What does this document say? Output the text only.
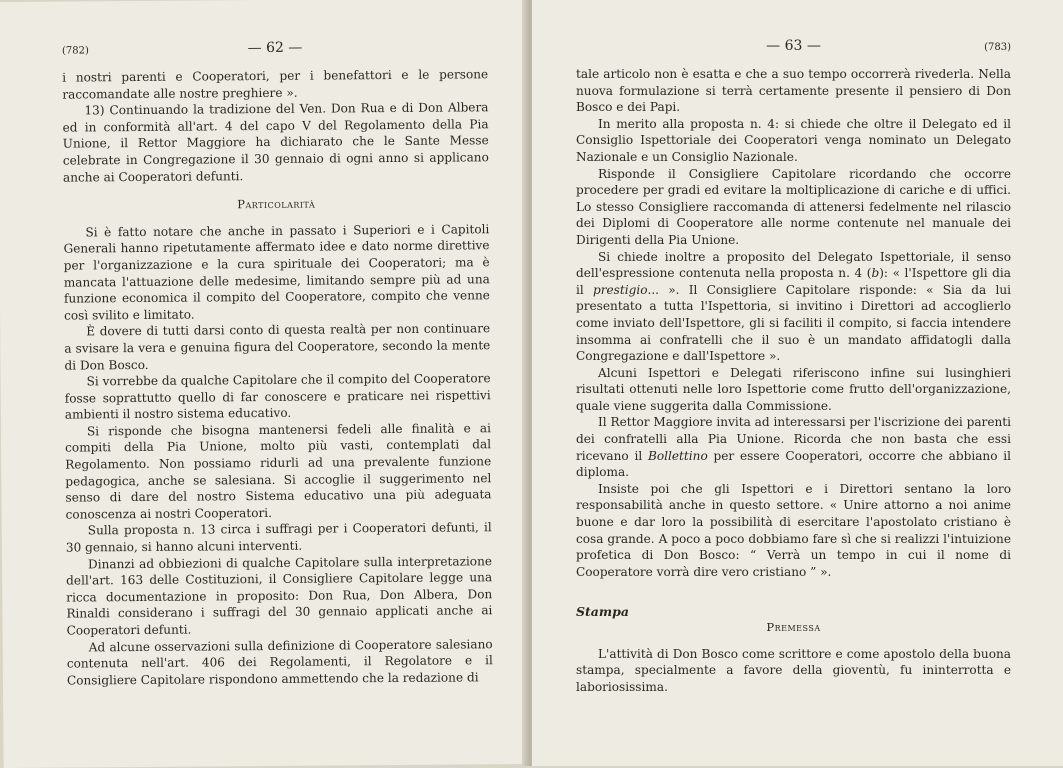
(782)	— 62 —

i nostri parenti e Cooperatori, per i benefattori e le persone raccomandate alle nostre preghiere ».

13) Continuando la tradizione del Ven. Don Rua e di Don Albera ed in conformità all'art. 4 del capo V del Regolamento della Pia Unione, il Rettor Maggiore ha dichiarato che le Sante Messe celebrate in Congregazione il 30 gennaio di ogni anno si applicano anche ai Cooperatori defunti.

Particolarità

Si è fatto notare che anche in passato i Superiori e i Capitoli Generali hanno ripetutamente affermato idee e dato norme direttive per l'organizzazione e la cura spirituale dei Cooperatori; ma è mancata l'attuazione delle medesime, limitando sempre più ad una funzione economica il compito del Cooperatore, compito che venne così svilito e limitato.

È dovere di tutti darsi conto di questa realtà per non continuare a svisare la vera e genuina figura del Cooperatore, secondo la mente di Don Bosco.

Si vorrebbe da qualche Capitolare che il compito del Cooperatore fosse soprattutto quello di far conoscere e praticare nei rispettivi ambienti il nostro sistema educativo.

Si risponde che bisogna mantenersi fedeli alle finalità e ai compiti della Pia Unione, molto più vasti, contemplati dal Regolamento. Non possiamo ridurli ad una prevalente funzione pedagogica, anche se salesiana. Si accoglie il suggerimento nel senso di dare del nostro Sistema educativo una più adeguata conoscenza ai nostri Cooperatori.

Sulla proposta n. 13 circa i suffragi per i Cooperatori defunti, il 30 gennaio, si hanno alcuni interventi.

Dinanzi ad obbiezioni di qualche Capitolare sulla interpretazione dell'art. 163 delle Costituzioni, il Consigliere Capitolare legge una ricca documentazione in proposito: Don Rua, Don Albera, Don Rinaldi considerano i suffragi del 30 gennaio applicati anche ai Cooperatori defunti.

Ad alcune osservazioni sulla definizione di Cooperatore salesiano contenuta nell'art. 406 dei Regolamenti, il Regolatore e il Consigliere Capitolare rispondono ammettendo che la redazione di

— 63 —	(783)

tale articolo non è esatta e che a suo tempo occorrerà rivederla. Nella nuova formulazione si terrà certamente presente il pensiero di Don Bosco e dei Papi.

In merito alla proposta n. 4: si chiede che oltre il Delegato ed il Consiglio Ispettoriale dei Cooperatori venga nominato un Delegato Nazionale e un Consiglio Nazionale.

Risponde il Consigliere Capitolare ricordando che occorre procedere per gradi ed evitare la moltiplicazione di cariche e di uffici. Lo stesso Consigliere raccomanda di attenersi fedelmente nel rilascio dei Diplomi di Cooperatore alle norme contenute nel manuale dei Dirigenti della Pia Unione.

Si chiede inoltre a proposito del Delegato Ispettoriale, il senso dell'espressione contenuta nella proposta n. 4 (b): « l'Ispettore gli dia il prestigio... ». Il Consigliere Capitolare risponde: « Sia da lui presentato a tutta l'Ispettoria, si invitino i Direttori ad accoglierlo come inviato dell'Ispettore, gli si faciliti il compito, si faccia intendere insomma ai confratelli che il suo è un mandato affidatogli dalla Congregazione e dall'Ispettore ».

Alcuni Ispettori e Delegati riferiscono infine sui lusinghieri risultati ottenuti nelle loro Ispettorie come frutto dell'organizzazione, quale viene suggerita dalla Commissione.

Il Rettor Maggiore invita ad interessarsi per l'iscrizione dei parenti dei confratelli alla Pia Unione. Ricorda che non basta che essi ricevano il Bollettino per essere Cooperatori, occorre che abbiano il diploma.

Insiste poi che gli Ispettori e i Direttori sentano la loro responsabilità anche in questo settore. « Unire attorno a noi anime buone e dar loro la possibilità di esercitare l'apostolato cristiano è cosa grande. A poco a poco dobbiamo fare sì che si realizzi l'intuizione profetica di Don Bosco: “ Verrà un tempo in cui il nome di Cooperatore vorrà dire vero cristiano ” ».

Stampa
Premessa

L'attività di Don Bosco come scrittore e come apostolo della buona stampa, specialmente a favore della gioventù, fu ininterrotta e laboriosissima.
